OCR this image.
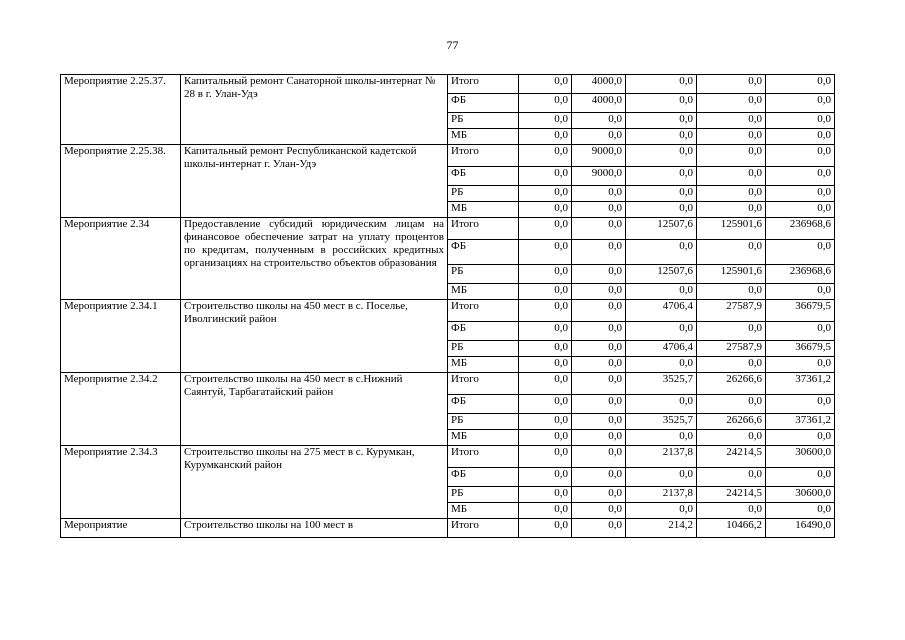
77
Мероприятие 2.25.37.	Капитальный ремонт Санаторной школы-интернат № 28 в г. Улан-Удэ	Итого	0,0	4000,0	0,0	0,0	0,0
		ФБ	0,0	4000,0	0,0	0,0	0,0
		РБ	0,0	0,0	0,0	0,0	0,0
		МБ	0,0	0,0	0,0	0,0	0,0
Мероприятие 2.25.38.	Капитальный ремонт Республиканской кадетской школы-интернат г. Улан-Удэ	Итого	0,0	9000,0	0,0	0,0	0,0
		ФБ	0,0	9000,0	0,0	0,0	0,0
		РБ	0,0	0,0	0,0	0,0	0,0
		МБ	0,0	0,0	0,0	0,0	0,0
Мероприятие 2.34	Предоставление субсидий юридическим лицам на финансовое обеспечение затрат на уплату процентов по кредитам, полученным в российских кредитных организациях на строительство объектов образования	Итого	0,0	0,0	12507,6	125901,6	236968,6
		ФБ	0,0	0,0	0,0	0,0	0,0
		РБ	0,0	0,0	12507,6	125901,6	236968,6
		МБ	0,0	0,0	0,0	0,0	0,0
Мероприятие 2.34.1	Строительство школы на 450 мест в с. Поселье, Иволгинский район	Итого	0,0	0,0	4706,4	27587,9	36679,5
		ФБ	0,0	0,0	0,0	0,0	0,0
		РБ	0,0	0,0	4706,4	27587,9	36679,5
		МБ	0,0	0,0	0,0	0,0	0,0
Мероприятие 2.34.2	Строительство школы на 450 мест в с.Нижний Саянтуй, Тарбагатайский район	Итого	0,0	0,0	3525,7	26266,6	37361,2
		ФБ	0,0	0,0	0,0	0,0	0,0
		РБ	0,0	0,0	3525,7	26266,6	37361,2
		МБ	0,0	0,0	0,0	0,0	0,0
Мероприятие 2.34.3	Строительство школы на 275 мест в с. Курумкан, Курумканский район	Итого	0,0	0,0	2137,8	24214,5	30600,0
		ФБ	0,0	0,0	0,0	0,0	0,0
		РБ	0,0	0,0	2137,8	24214,5	30600,0
		МБ	0,0	0,0	0,0	0,0	0,0
Мероприятие	Строительство школы на 100 мест в	Итого	0,0	0,0	214,2	10466,2	16490,0
